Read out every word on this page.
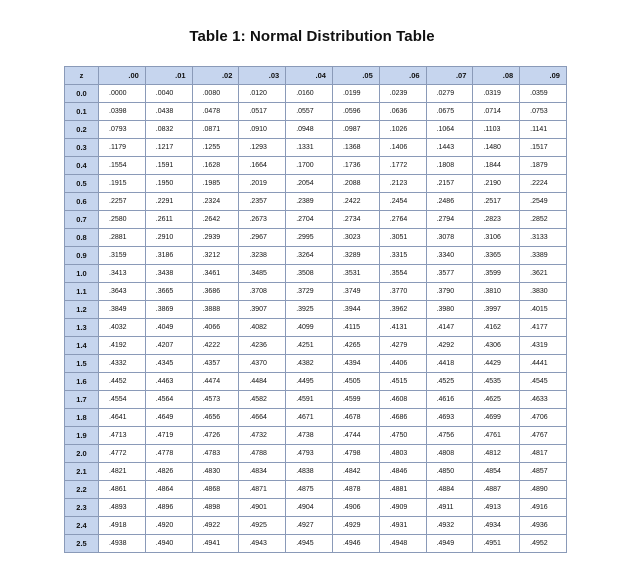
Table 1: Normal Distribution Table
z	.00	.01	.02	.03	.04	.05	.06	.07	.08	.09
0.0	.0000	.0040	.0080	.0120	.0160	.0199	.0239	.0279	.0319	.0359
0.1	.0398	.0438	.0478	.0517	.0557	.0596	.0636	.0675	.0714	.0753
0.2	.0793	.0832	.0871	.0910	.0948	.0987	.1026	.1064	.1103	.1141
0.3	.1179	.1217	.1255	.1293	.1331	.1368	.1406	.1443	.1480	.1517
0.4	.1554	.1591	.1628	.1664	.1700	.1736	.1772	.1808	.1844	.1879
0.5	.1915	.1950	.1985	.2019	.2054	.2088	.2123	.2157	.2190	.2224
0.6	.2257	.2291	.2324	.2357	.2389	.2422	.2454	.2486	.2517	.2549
0.7	.2580	.2611	.2642	.2673	.2704	.2734	.2764	.2794	.2823	.2852
0.8	.2881	.2910	.2939	.2967	.2995	.3023	.3051	.3078	.3106	.3133
0.9	.3159	.3186	.3212	.3238	.3264	.3289	.3315	.3340	.3365	.3389
1.0	.3413	.3438	.3461	.3485	.3508	.3531	.3554	.3577	.3599	.3621
1.1	.3643	.3665	.3686	.3708	.3729	.3749	.3770	.3790	.3810	.3830
1.2	.3849	.3869	.3888	.3907	.3925	.3944	.3962	.3980	.3997	.4015
1.3	.4032	.4049	.4066	.4082	.4099	.4115	.4131	.4147	.4162	.4177
1.4	.4192	.4207	.4222	.4236	.4251	.4265	.4279	.4292	.4306	.4319
1.5	.4332	.4345	.4357	.4370	.4382	.4394	.4406	.4418	.4429	.4441
1.6	.4452	.4463	.4474	.4484	.4495	.4505	.4515	.4525	.4535	.4545
1.7	.4554	.4564	.4573	.4582	.4591	.4599	.4608	.4616	.4625	.4633
1.8	.4641	.4649	.4656	.4664	.4671	.4678	.4686	.4693	.4699	.4706
1.9	.4713	.4719	.4726	.4732	.4738	.4744	.4750	.4756	.4761	.4767
2.0	.4772	.4778	.4783	.4788	.4793	.4798	.4803	.4808	.4812	.4817
2.1	.4821	.4826	.4830	.4834	.4838	.4842	.4846	.4850	.4854	.4857
2.2	.4861	.4864	.4868	.4871	.4875	.4878	.4881	.4884	.4887	.4890
2.3	.4893	.4896	.4898	.4901	.4904	.4906	.4909	.4911	.4913	.4916
2.4	.4918	.4920	.4922	.4925	.4927	.4929	.4931	.4932	.4934	.4936
2.5	.4938	.4940	.4941	.4943	.4945	.4946	.4948	.4949	.4951	.4952
